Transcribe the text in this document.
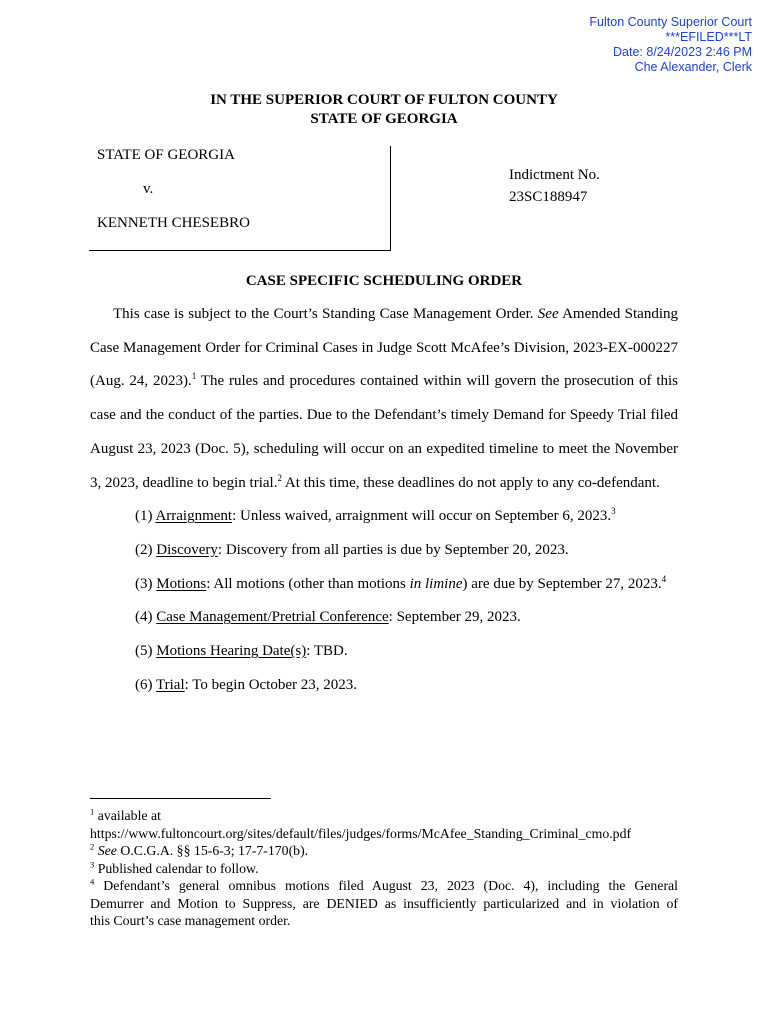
Fulton County Superior Court
***EFILED***LT
Date: 8/24/2023 2:46 PM
Che Alexander, Clerk
IN THE SUPERIOR COURT OF FULTON COUNTY
STATE OF GEORGIA
STATE OF GEORGIA
v.
KENNETH CHESEBRO
Indictment No.
23SC188947
CASE SPECIFIC SCHEDULING ORDER
This case is subject to the Court’s Standing Case Management Order. See Amended Standing
Case Management Order for Criminal Cases in Judge Scott McAfee’s Division, 2023-EX-000227
(Aug. 24, 2023).$^1$ The rules and procedures contained within will govern the prosecution of this
case and the conduct of the parties. Due to the Defendant’s timely Demand for Speedy Trial filed
August 23, 2023 (Doc. 5), scheduling will occur on an expedited timeline to meet the November
3, 2023, deadline to begin trial.$^2$ At this time, these deadlines do not apply to any co-defendant.
(1) Arraignment: Unless waived, arraignment will occur on September 6, 2023.$^3$
(2) Discovery: Discovery from all parties is due by September 20, 2023.
(3) Motions: All motions (other than motions in limine) are due by September 27, 2023.$^4$
(4) Case Management/Pretrial Conference: September 29, 2023.
(5) Motions Hearing Date(s): TBD.
(6) Trial: To begin October 23, 2023.
$^1$ available at
https://www.fultoncourt.org/sites/default/files/judges/forms/McAfee_Standing_Criminal_cmo.pdf
$^2$ See O.C.G.A. §§ 15-6-3; 17-7-170(b).
$^3$ Published calendar to follow.
$^4$ Defendant’s general omnibus motions filed August 23, 2023 (Doc. 4), including the General
Demurrer and Motion to Suppress, are DENIED as insufficiently particularized and in violation of
this Court’s case management order.
